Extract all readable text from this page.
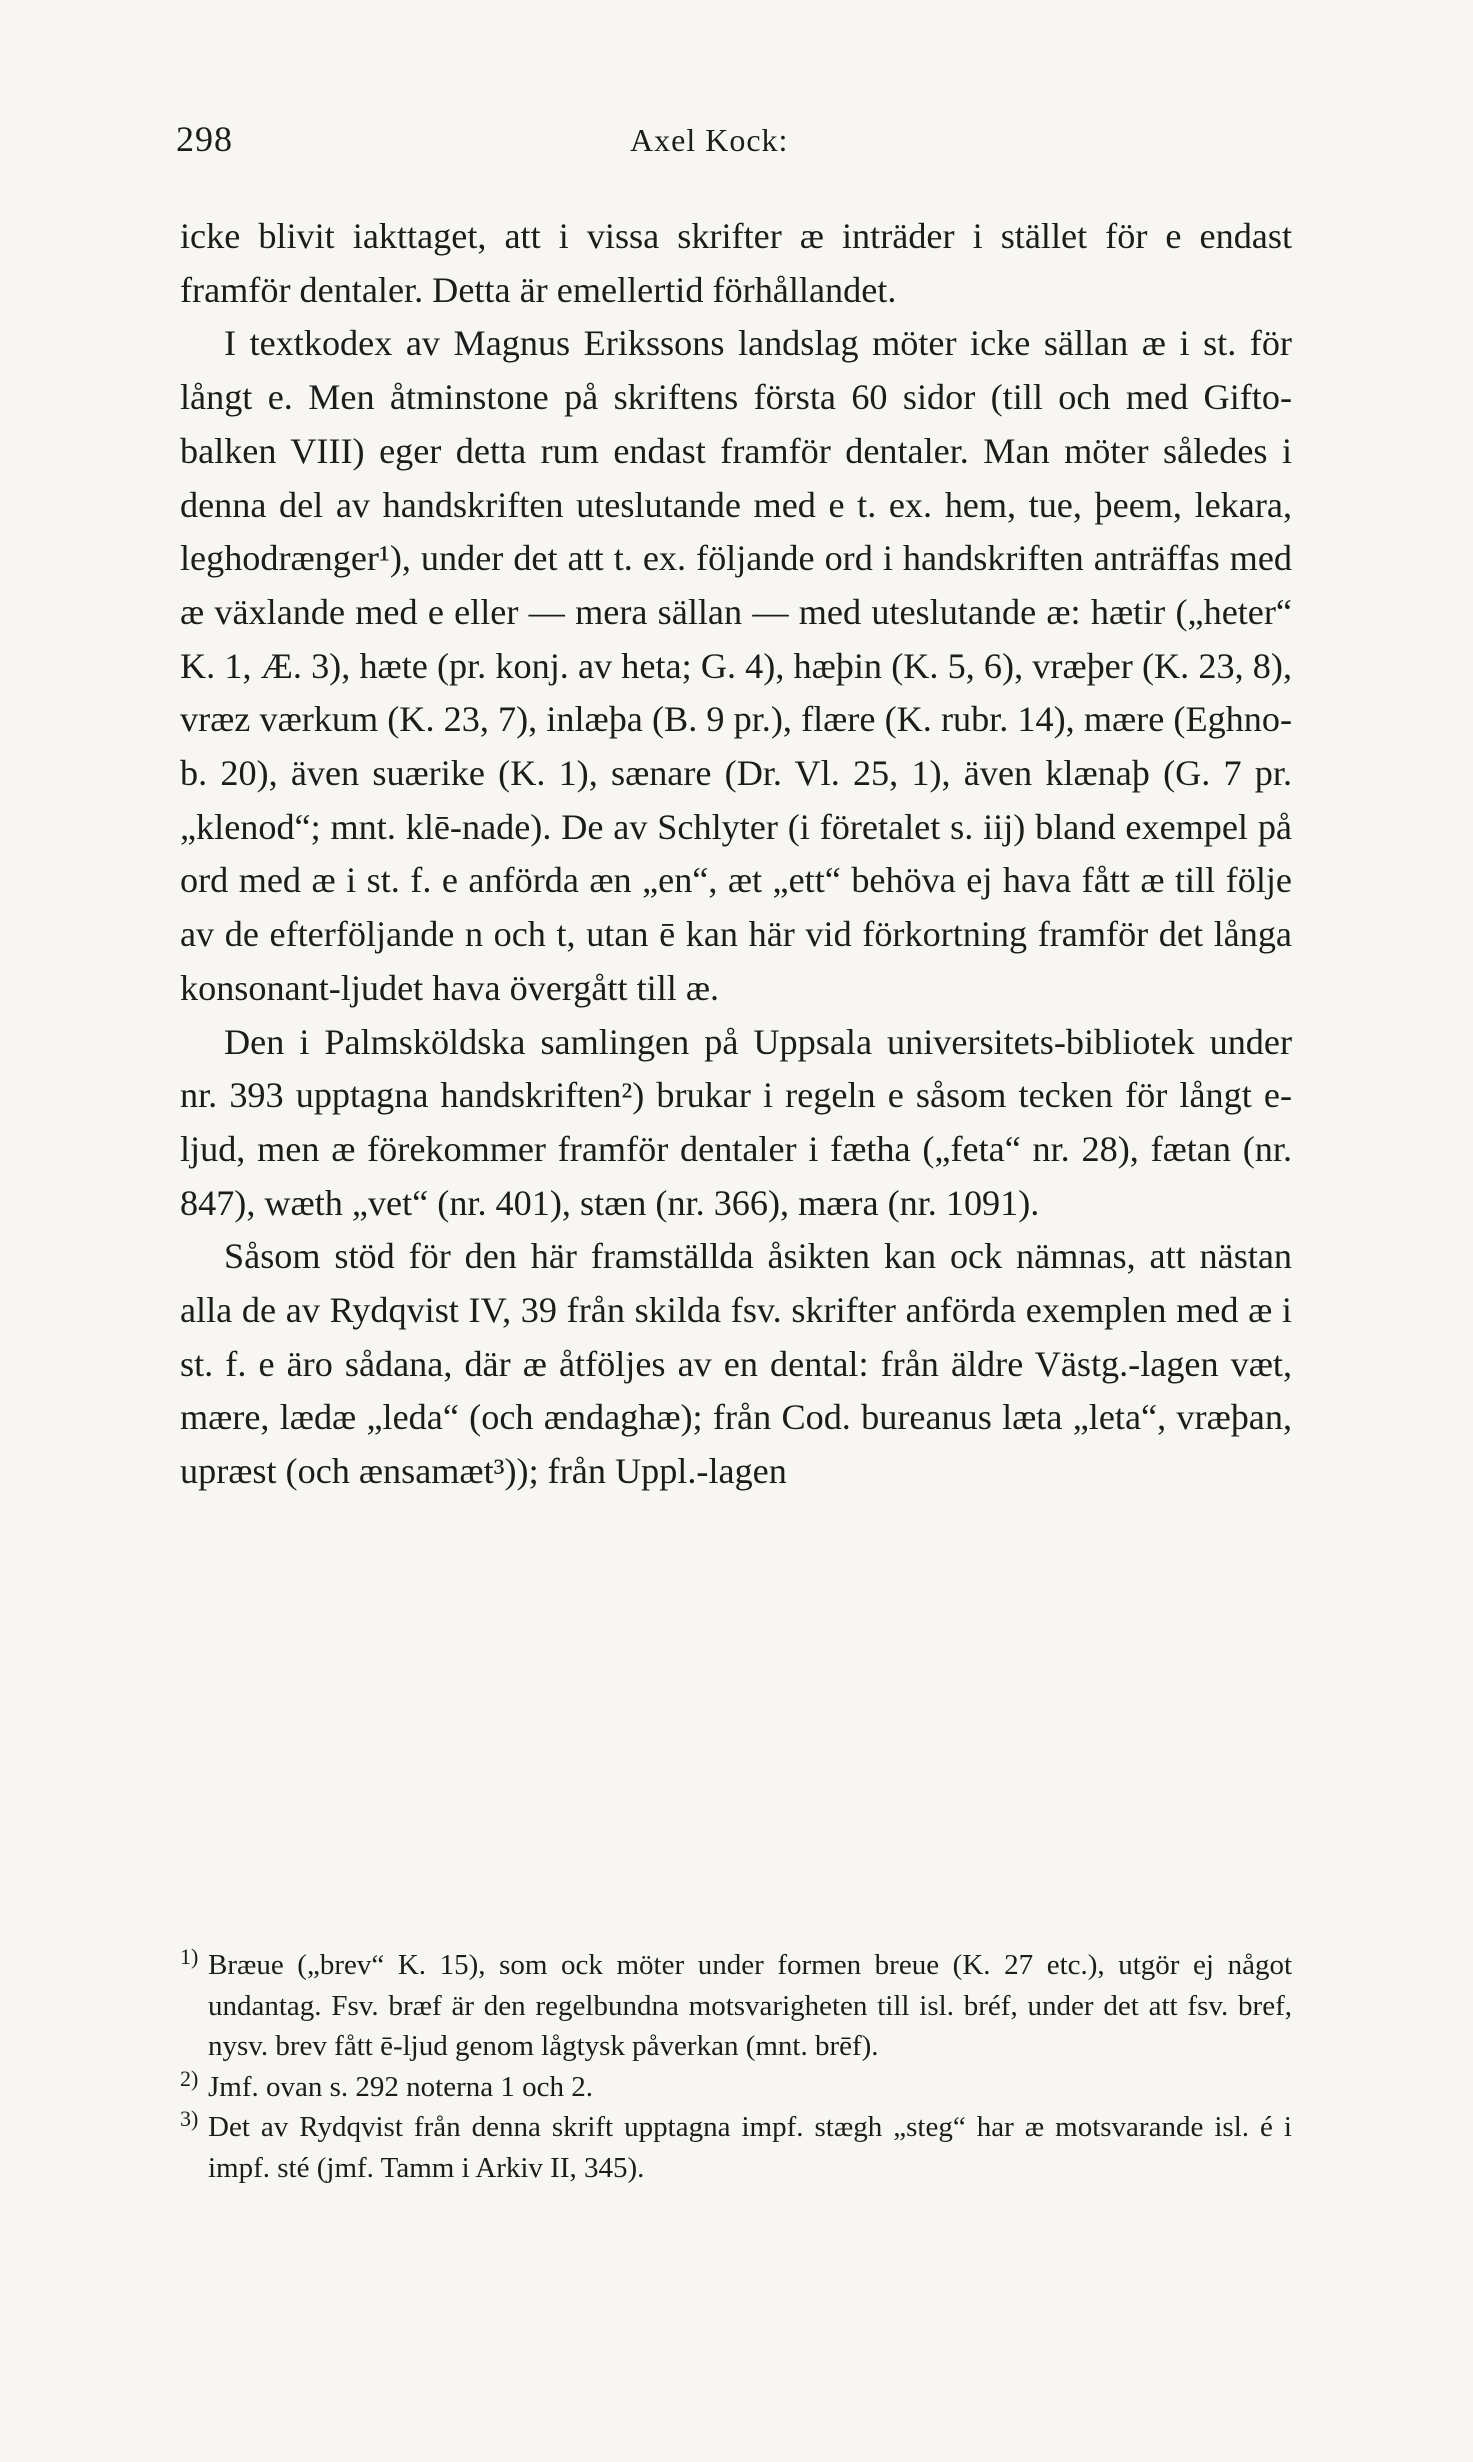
298	Axel Kock:

icke blivit iakttaget, att i vissa skrifter æ inträder i stället för e endast framför dentaler. Detta är emellertid förhållandet.

I textkodex av Magnus Erikssons landslag möter icke sällan æ i st. för långt e. Men åtminstone på skriftens första 60 sidor (till och med Gifto-balken VIII) eger detta rum endast framför dentaler. Man möter således i denna del av handskriften uteslutande med e t. ex. hem, tue, þeem, lekara, leghodrænger¹), under det att t. ex. följande ord i handskriften anträffas med æ växlande med e eller — mera sällan — med uteslutande æ: hætir („heter“ K. 1, Æ. 3), hæte (pr. konj. av heta; G. 4), hæþin (K. 5, 6), vræþer (K. 23, 8), vræz værkum (K. 23, 7), inlæþa (B. 9 pr.), flære (K. rubr. 14), mære (Eghno-b. 20), även suærike (K. 1), sænare (Dr. Vl. 25, 1), även klænaþ (G. 7 pr. „klenod“; mnt. klē-nade). De av Schlyter (i företalet s. iij) bland exempel på ord med æ i st. f. e anförda æn „en“, æt „ett“ behöva ej hava fått æ till följe av de efterföljande n och t, utan ē kan här vid förkortning framför det långa konsonant-ljudet hava övergått till æ.

Den i Palmsköldska samlingen på Uppsala universitets-bibliotek under nr. 393 upptagna handskriften²) brukar i regeln e såsom tecken för långt e-ljud, men æ förekommer framför dentaler i fætha („feta“ nr. 28), fætan (nr. 847), wæth „vet“ (nr. 401), stæn (nr. 366), mæra (nr. 1091).

Såsom stöd för den här framställda åsikten kan ock nämnas, att nästan alla de av Rydqvist IV, 39 från skilda fsv. skrifter anförda exemplen med æ i st. f. e äro sådana, där æ åtföljes av en dental: från äldre Västg.-lagen væt, mære, lædæ „leda“ (och ændaghæ); från Cod. bureanus læta „leta“, vræþan, upræst (och ænsamæt³)); från Uppl.-lagen

1) Bræue („brev“ K. 15), som ock möter under formen breue (K. 27 etc.), utgör ej något undantag. Fsv. bræf är den regelbundna motsvarigheten till isl. bréf, under det att fsv. bref, nysv. brev fått ē-ljud genom lågtysk påverkan (mnt. brēf).

2) Jmf. ovan s. 292 noterna 1 och 2.

3) Det av Rydqvist från denna skrift upptagna impf. stægh „steg“ har æ motsvarande isl. é i impf. sté (jmf. Tamm i Arkiv II, 345).
